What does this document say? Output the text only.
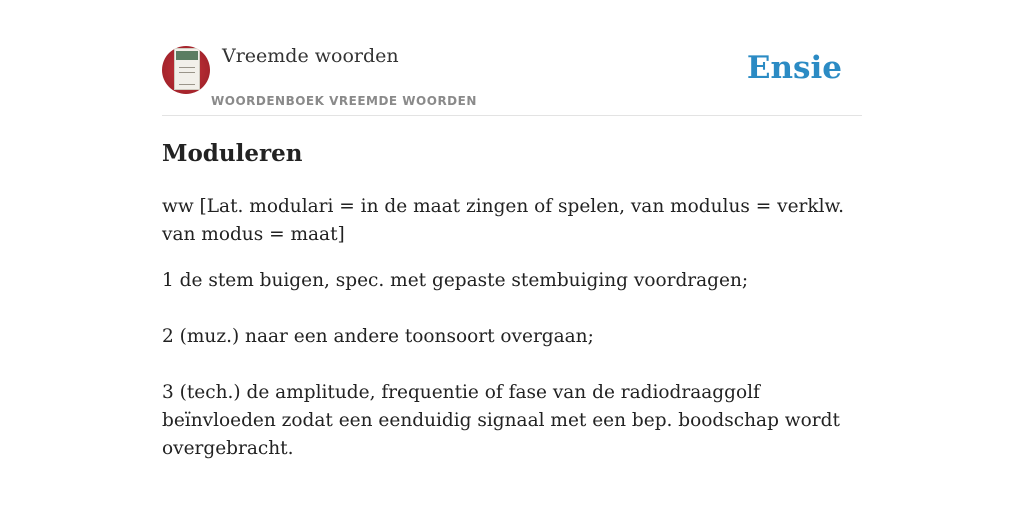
Vreemde woorden
WOORDENBOEK VREEMDE WOORDEN
Ensie
Moduleren

ww [Lat. modulari = in de maat zingen of spelen, van modulus = verklw. van modus = maat]

1 de stem buigen, spec. met gepaste stembuiging voordragen;

2 (muz.) naar een andere toonsoort overgaan;

3 (tech.) de amplitude, frequentie of fase van de radiodraaggolf beïnvloeden zodat een eenduidig signaal met een bep. boodschap wordt overgebracht.
